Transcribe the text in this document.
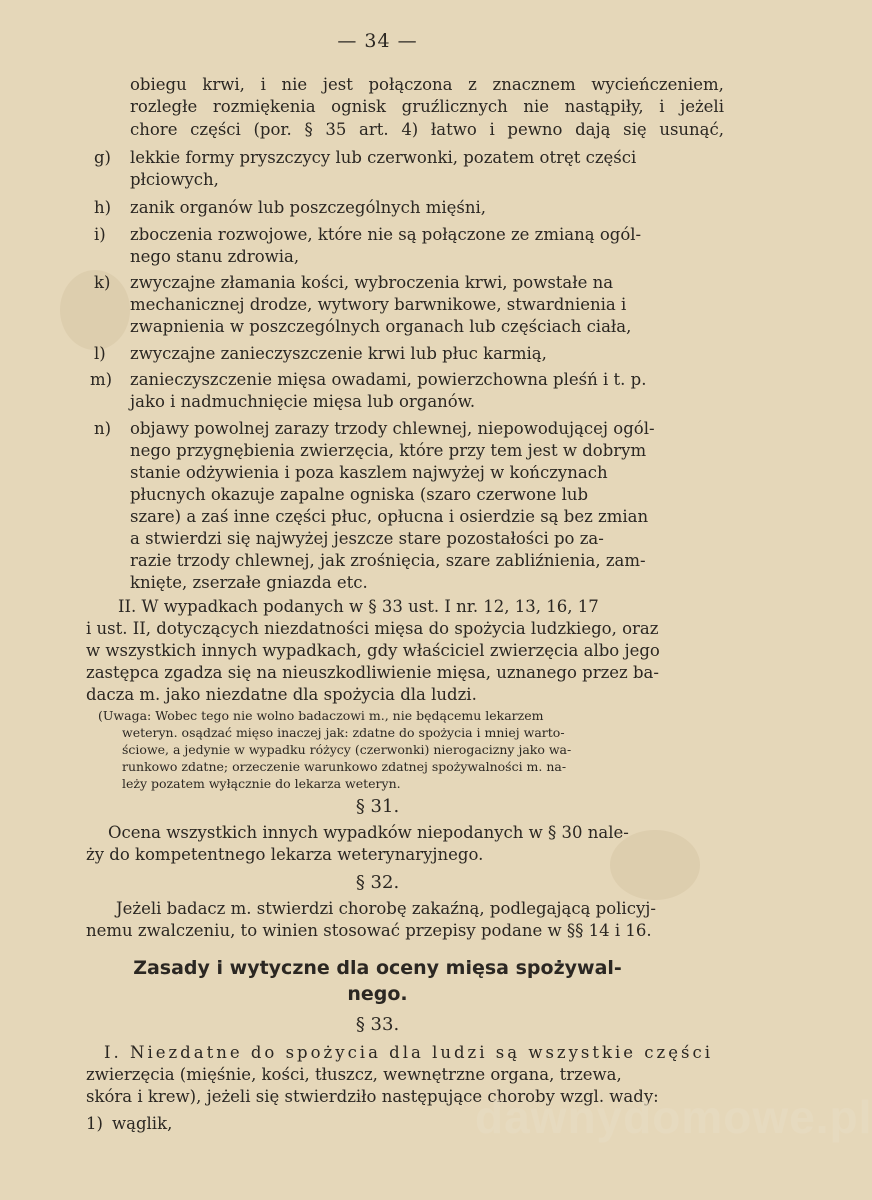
— 34 —
obiegu krwi, i nie jest połączona z znacznem wycieńczeniem,
rozległe rozmiękenia ognisk gruźlicznych nie nastąpiły, i jeżeli
chore części (por. § 35 art. 4) łatwo i pewno dają się usunąć,
g) lekkie formy pryszczycy lub czerwonki, pozatem otręt części
płciowych,
h) zanik organów lub poszczególnych mięśni,
i) zboczenia rozwojowe, które nie są połączone ze zmianą ogól-
nego stanu zdrowia,
k) zwyczajne złamania kości, wybroczenia krwi, powstałe na
mechanicznej drodze, wytwory barwnikowe, stwardnienia i
zwapnienia w poszczególnych organach lub częściach ciała,
l) zwyczajne zanieczyszczenie krwi lub płuc karmią,
m) zanieczyszczenie mięsa owadami, powierzchowna pleśń i t. p.
jako i nadmuchnięcie mięsa lub organów.
n) objawy powolnej zarazy trzody chlewnej, niepowodującej ogól-
nego przygnębienia zwierzęcia, które przy tem jest w dobrym
stanie odżywienia i poza kaszlem najwyżej w kończynach
płucnych okazuje zapalne ogniska (szaro czerwone lub
szare) a zaś inne części płuc, opłucna i osierdzie są bez zmian
a stwierdzi się najwyżej jeszcze stare pozostałości po za-
razie trzody chlewnej, jak zrośnięcia, szare zabliźnienia, zam-
knięte, zserzałe gniazda etc.
II. W wypadkach podanych w § 33 ust. I nr. 12, 13, 16, 17
i ust. II, dotyczących niezdatności mięsa do spożycia ludzkiego, oraz
w wszystkich innych wypadkach, gdy właściciel zwierzęcia albo jego
zastępca zgadza się na nieuszkodliwienie mięsa, uznanego przez ba-
dacza m. jako niezdatne dla spożycia dla ludzi.
(Uwaga: Wobec tego nie wolno badaczowi m., nie będącemu lekarzem
weteryn. osądzać mięso inaczej jak: zdatne do spożycia i mniej warto-
ściowe, a jedynie w wypadku różycy (czerwonki) nierogacizny jako wa-
runkowo zdatne; orzeczenie warunkowo zdatnej spożywalności m. na-
leży pozatem wyłącznie do lekarza weteryn.
§ 31.
Ocena wszystkich innych wypadków niepodanych w § 30 nale-
ży do kompetentnego lekarza weterynaryjnego.
§ 32.
Jeżeli badacz m. stwierdzi chorobę zakaźną, podlegającą policyj-
nemu zwalczeniu, to winien stosować przepisy podane w §§ 14 i 16.
Zasady i wytyczne dla oceny mięsa spożywal-
nego.
§ 33.
I. Niezdatne do spożycia dla ludzi są wszystkie części
zwierzęcia (mięśnie, kości, tłuszcz, wewnętrzne organa, trzewa,
skóra i krew), jeżeli się stwierdziło następujące choroby wzgl. wady:
1) wąglik,	dawnydomowe.pl
